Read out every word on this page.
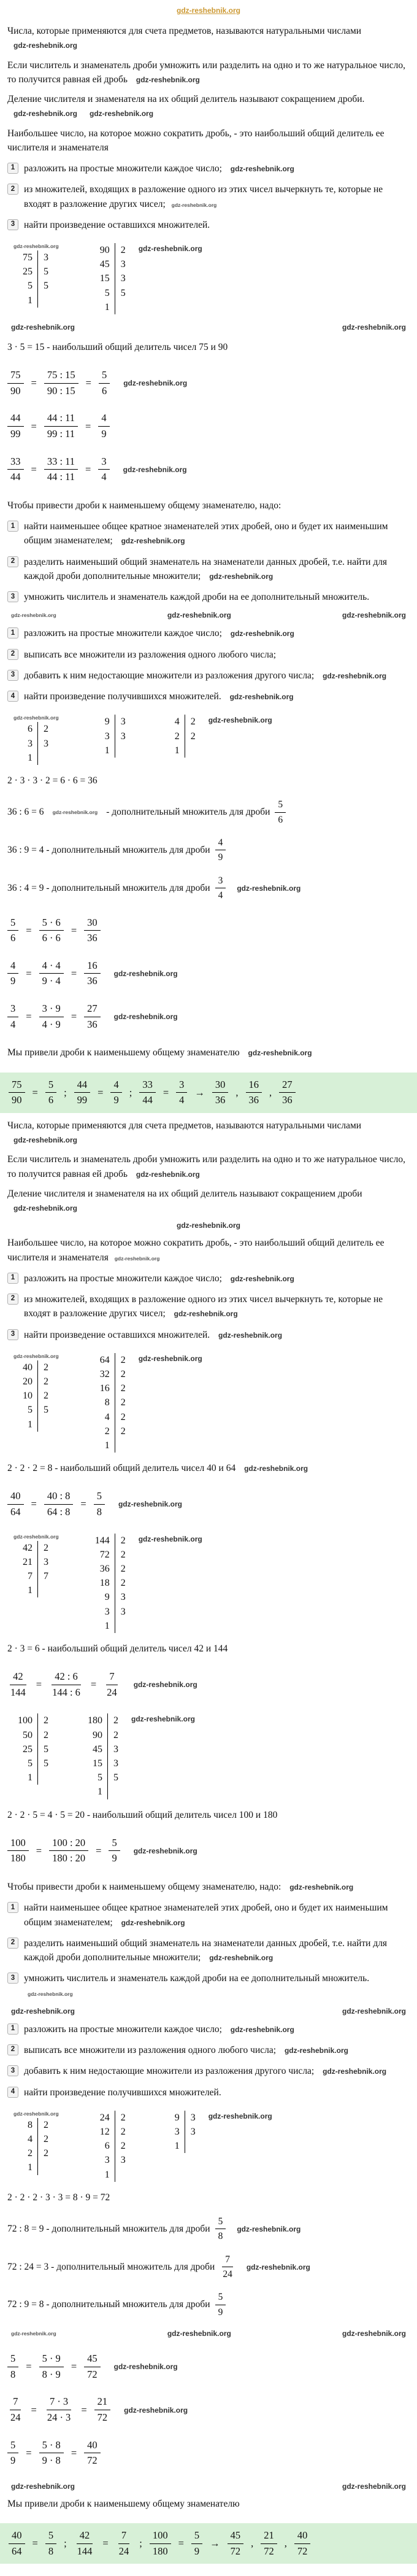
gdz-reshebnik.org
Числа, которые применяются для счета предметов, называются натуральными числами gdz-reshebnik.org
Если числитель и знаменатель дроби умножить или разделить на одно и то же натуральное число, то получится равная ей дробь gdz-reshebnik.org
Деление числителя и знаменателя на их общий делитель называют сокращением дроби. gdz-reshebnik.org gdz-reshebnik.org
Наибольшее число, на которое можно сократить дробь, - это наибольший общий делитель ее числителя и знаменателя
1 разложить на простые множители каждое число; gdz-reshebnik.org
2 из множителей, входящих в разложение одного из этих чисел вычеркнуть те, которые не входят в разложение других чисел; gdz-reshebnik.org
3 найти произведение оставшихся множителей.
gdz-reshebnik.org
75	3
25	5
5	5
1
90	2
45	3
15	3
5	5
1
gdz-reshebnik.org
gdz-reshebnik.org	gdz-reshebnik.org
3 · 5 = 15 - наибольший общий делитель чисел 75 и 90
$\frac{75}{90} = \frac{75 : 15}{90 : 15} = \frac{5}{6}$ gdz-reshebnik.org
$\frac{44}{99} = \frac{44 : 11}{99 : 11} = \frac{4}{9}$
$\frac{33}{44} = \frac{33 : 11}{44 : 11} = \frac{3}{4}$ gdz-reshebnik.org
Чтобы привести дроби к наименьшему общему знаменателю, надо:
1 найти наименьшее общее кратное знаменателей этих дробей, оно и будет их наименьшим общим знаменателем; gdz-reshebnik.org
2 разделить наименьший общий знаменатель на знаменатели данных дробей, т.е. найти для каждой дроби дополнительные множители; gdz-reshebnik.org
3 умножить числитель и знаменатель каждой дроби на ее дополнительный множитель.
gdz-reshebnik.org	gdz-reshebnik.org	gdz-reshebnik.org
1 разложить на простые множители каждое число; gdz-reshebnik.org
2 выписать все множители из разложения одного любого числа;
3 добавить к ним недостающие множители из разложения другого числа; gdz-reshebnik.org
4 найти произведение получившихся множителей. gdz-reshebnik.org
gdz-reshebnik.org
6	2
3	3
1
9	3
3	3
1
4	2
2	2
1
gdz-reshebnik.org
2 · 3 · 3 · 2 = 6 · 6 = 36
36 : 6 = 6 gdz-reshebnik.org - дополнительный множитель для дроби $\frac{5}{6}$
36 : 9 = 4 - дополнительный множитель для дроби $\frac{4}{9}$
36 : 4 = 9 - дополнительный множитель для дроби $\frac{3}{4}$ gdz-reshebnik.org
$\frac{5}{6} = \frac{5 \cdot 6}{6 \cdot 6} = \frac{30}{36}$
$\frac{4}{9} = \frac{4 \cdot 4}{9 \cdot 4} = \frac{16}{36}$ gdz-reshebnik.org
$\frac{3}{4} = \frac{3 \cdot 9}{4 \cdot 9} = \frac{27}{36}$ gdz-reshebnik.org
Мы привели дроби к наименьшему общему знаменателю gdz-reshebnik.org
$\frac{75}{90} = \frac{5}{6}$ ; $\frac{44}{99} = \frac{4}{9}$ ; $\frac{33}{44} = \frac{3}{4} \to \frac{30}{36}$ , $\frac{16}{36}$ , $\frac{27}{36}$
Числа, которые применяются для счета предметов, называются натуральными числами gdz-reshebnik.org
Если числитель и знаменатель дроби умножить или разделить на одно и то же натуральное число, то получится равная ей дробь gdz-reshebnik.org
Деление числителя и знаменателя на их общий делитель называют сокращением дроби gdz-reshebnik.org
gdz-reshebnik.org
Наибольшее число, на которое можно сократить дробь, - это наибольший общий делитель ее числителя и знаменателя gdz-reshebnik.org
1 разложить на простые множители каждое число; gdz-reshebnik.org
2 из множителей, входящих в разложение одного из этих чисел вычеркнуть те, которые не входят в разложение других чисел; gdz-reshebnik.org
3 найти произведение оставшихся множителей. gdz-reshebnik.org
gdz-reshebnik.org
40	2
20	2
10	2
5	5
1
64	2
32	2
16	2
8	2
4	2
2	2
1
gdz-reshebnik.org
2 · 2 · 2 = 8 - наибольший общий делитель чисел 40 и 64 gdz-reshebnik.org
$\frac{40}{64} = \frac{40 : 8}{64 : 8} = \frac{5}{8}$ gdz-reshebnik.org
gdz-reshebnik.org
42	2
21	3
7	7
1
144	2
72	2
36	2
18	2
9	3
3	3
1
gdz-reshebnik.org
2 · 3 = 6 - наибольший общий делитель чисел 42 и 144
$\frac{42}{144} = \frac{42 : 6}{144 : 6} = \frac{7}{24}$ gdz-reshebnik.org
100	2
50	2
25	5
5	5
1
180	2
90	2
45	3
15	3
5	5
1
gdz-reshebnik.org
2 · 2 · 5 = 4 · 5 = 20 - наибольший общий делитель чисел 100 и 180
$\frac{100}{180} = \frac{100 : 20}{180 : 20} = \frac{5}{9}$ gdz-reshebnik.org
Чтобы привести дроби к наименьшему общему знаменателю, надо: gdz-reshebnik.org
1 найти наименьшее общее кратное знаменателей этих дробей, оно и будет их наименьшим общим знаменателем; gdz-reshebnik.org
2 разделить наименьший общий знаменатель на знаменатели данных дробей, т.е. найти для каждой дроби дополнительные множители; gdz-reshebnik.org
3 умножить числитель и знаменатель каждой дроби на ее дополнительный множитель. gdz-reshebnik.org
gdz-reshebnik.org	gdz-reshebnik.org
1 разложить на простые множители каждое число; gdz-reshebnik.org
2 выписать все множители из разложения одного любого числа; gdz-reshebnik.org
3 добавить к ним недостающие множители из разложения другого числа; gdz-reshebnik.org
4 найти произведение получившихся множителей.
gdz-reshebnik.org
8	2
4	2
2	2
1
24	2
12	2
6	2
3	3
1
9	3
3	3
1
gdz-reshebnik.org
2 · 2 · 2 · 3 · 3 = 8 · 9 = 72
72 : 8 = 9 - дополнительный множитель для дроби $\frac{5}{8}$ gdz-reshebnik.org
72 : 24 = 3 - дополнительный множитель для дроби $\frac{7}{24}$ gdz-reshebnik.org
72 : 9 = 8 - дополнительный множитель для дроби $\frac{5}{9}$
gdz-reshebnik.org	gdz-reshebnik.org	gdz-reshebnik.org
$\frac{5}{8} = \frac{5 \cdot 9}{8 \cdot 9} = \frac{45}{72}$ gdz-reshebnik.org
$\frac{7}{24} = \frac{7 \cdot 3}{24 \cdot 3} = \frac{21}{72}$ gdz-reshebnik.org
$\frac{5}{9} = \frac{5 \cdot 8}{9 \cdot 8} = \frac{40}{72}$
gdz-reshebnik.org	gdz-reshebnik.org
Мы привели дроби к наименьшему общему знаменателю
$\frac{40}{64} = \frac{5}{8}$ ; $\frac{42}{144} = \frac{7}{24}$ ; $\frac{100}{180} = \frac{5}{9} \to \frac{45}{72}$ , $\frac{21}{72}$ , $\frac{40}{72}$
